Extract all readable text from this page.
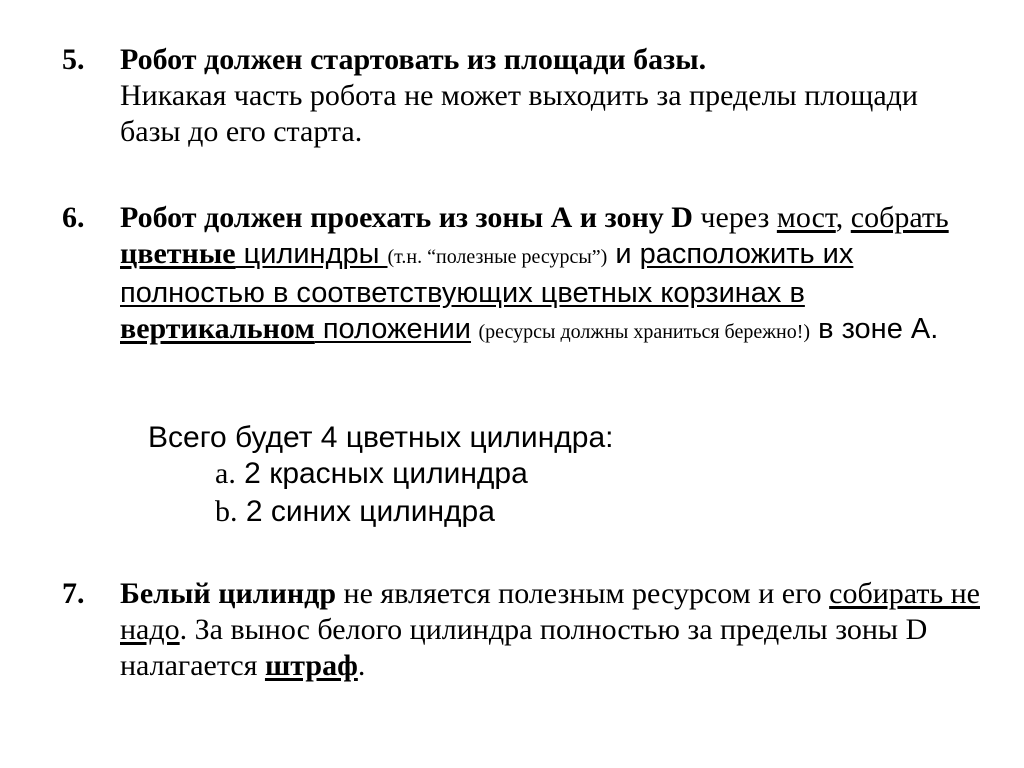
5. Робот должен стартовать из площади базы.
Никакая часть робота не может выходить за пределы площади базы до его старта.
6. Робот должен проехать из зоны А и зону D через мост, собрать цветные цилиндры (т.н. “полезные ресурсы”) и расположить их полностью в соответствующих цветных корзинах в вертикальном положении (ресурсы должны храниться бережно!) в зоне А.
Всего будет 4 цветных цилиндра:
a. 2 красных цилиндра
b. 2 синих цилиндра
7. Белый цилиндр не является полезным ресурсом и его собирать не надо. За вынос белого цилиндра полностью за пределы зоны D налагается штраф.
